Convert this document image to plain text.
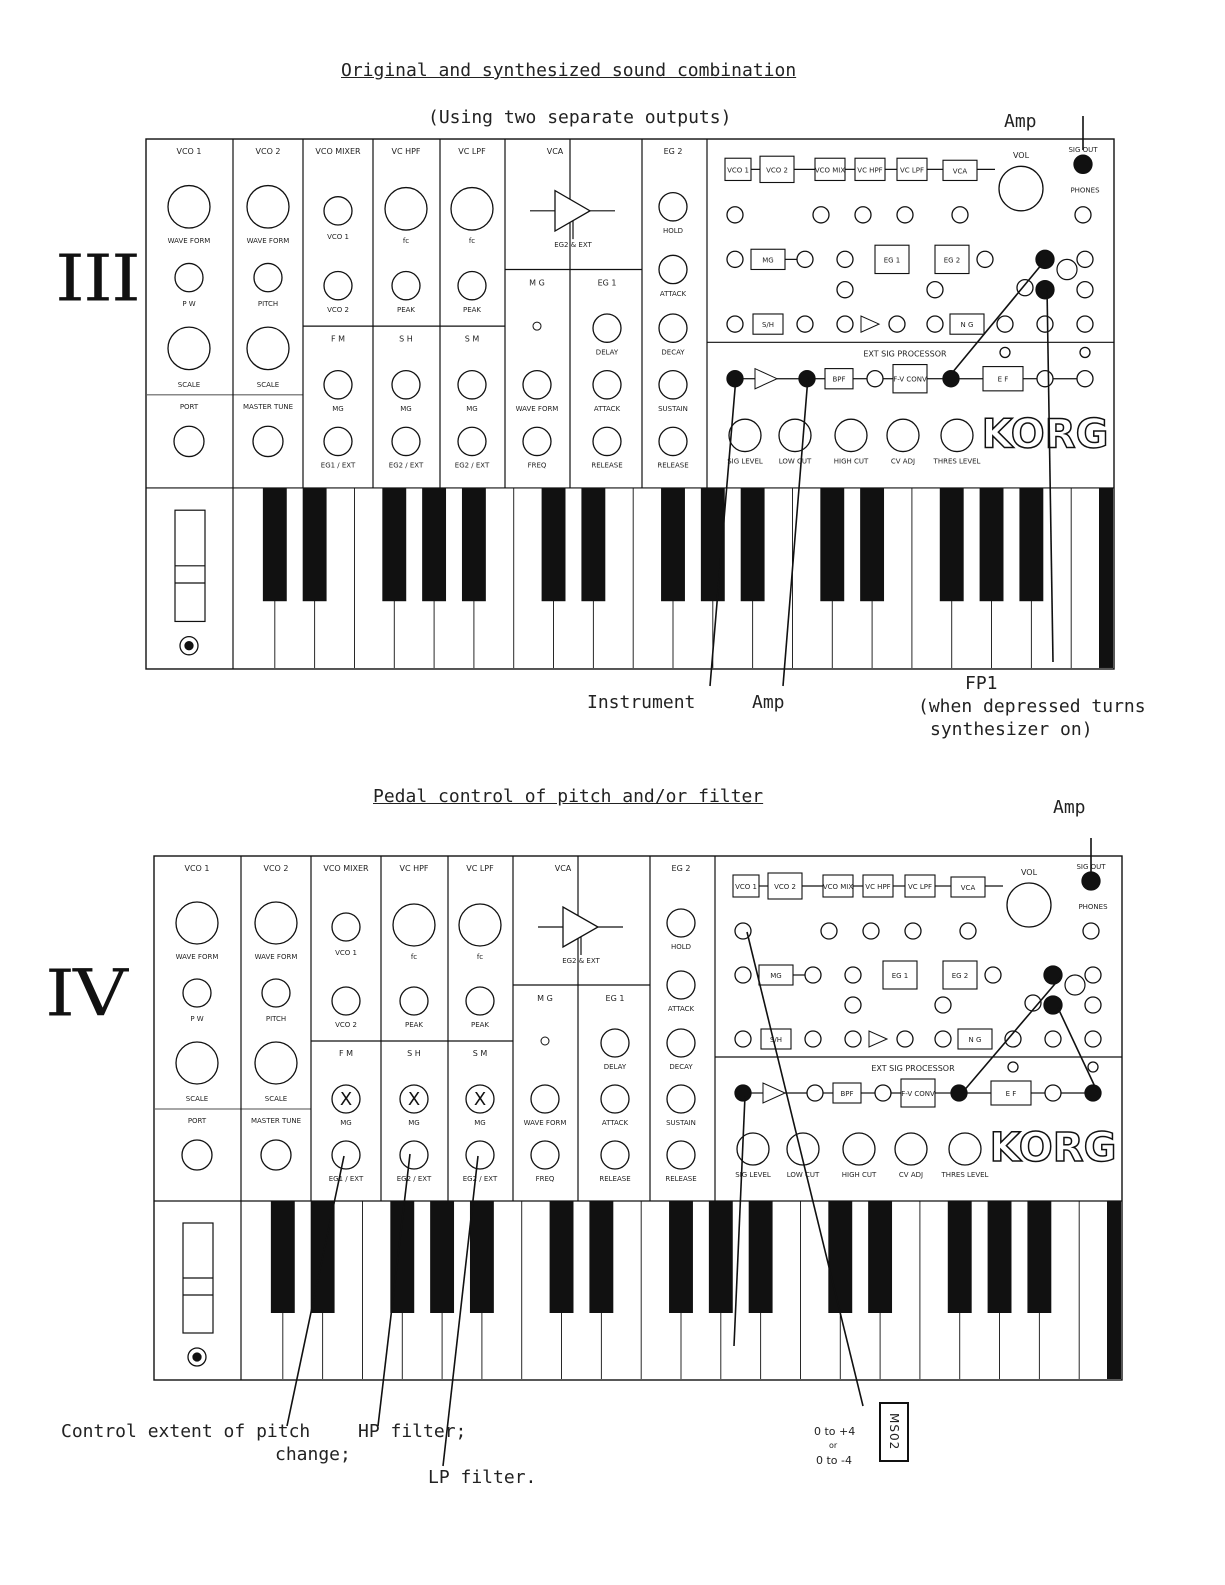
Original and synthesized sound combination
(Using two separate outputs)
III
Amp
Instrument	Amp
FP1
(when depressed turns
synthesizer on)
VCO 1	VCO 2	VCO MIXER	VC HPF	VC LPF	VCA	EG 2
F M	S H	S M
M G	EG 1
WAVE FORM
P W
SCALE
PORT
WAVE FORM
PITCH
SCALE
MASTER TUNE
VCO 1
VCO 2
fc
PEAK
fc
PEAK
EG2 & EXT
MG
EG1 / EXT
MG
EG2 / EXT
MG
EG2 / EXT
WAVE FORM
FREQ
DELAY
ATTACK
RELEASE
HOLD
ATTACK
DECAY
SUSTAIN
RELEASE
VCO 1 VCO 2	VCO MIX VC HPF VC LPF	VCA
VOL
SIG OUT
PHONES
MG	EG 1	EG 2
S/H	N G
EXT SIG PROCESSOR
BPF	F-V CONV	E F
SIG LEVEL LOW CUT	HIGH CUT	CV ADJ	THRES LEVEL
KORG
Pedal control of pitch and/or filter
IV
Amp
Control extent of pitch
change;
HP filter;
LP filter.
0 to +4
or
0 to -4
MS02
VCO 1	VCO 2	VCO MIXER	VC HPF	VC LPF	VCA	EG 2
F M	S H	S M
M G	EG 1
WAVE FORM
P W
SCALE
PORT
WAVE FORM
PITCH
SCALE
MASTER TUNE
VCO 1
VCO 2
fc
PEAK
fc
PEAK
EG2 & EXT
X
MG
EG1 / EXT
X
MG
EG2 / EXT
X
MG
EG2 / EXT
WAVE FORM
FREQ
DELAY
ATTACK
RELEASE
HOLD
ATTACK
DECAY
SUSTAIN
RELEASE
VCO 1 VCO 2	VCO MIX VC HPF VC LPF	VCA
VOL
SIG OUT
PHONES
MG	EG 1	EG 2
S/H	N G
EXT SIG PROCESSOR
BPF	F-V CONV	E F
SIG LEVEL LOW CUT	HIGH CUT	CV ADJ	THRES LEVEL
KORG
